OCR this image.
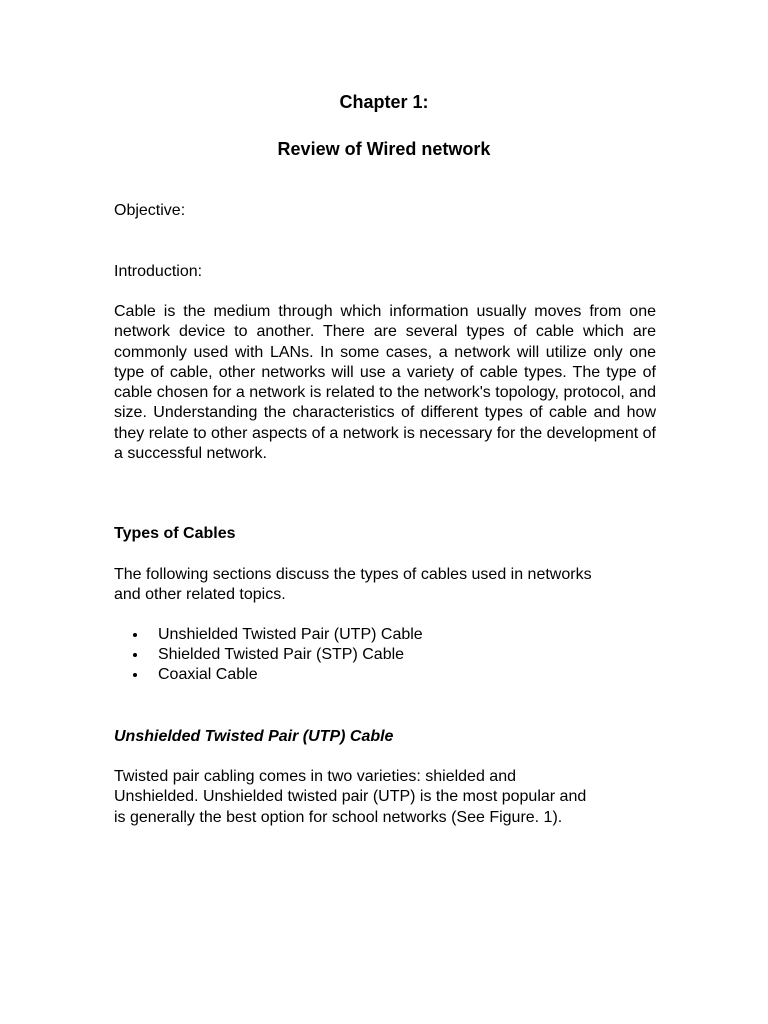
Chapter 1:
Review of Wired network
Objective:
Introduction:
Cable is the medium through which information usually moves from one network device to another. There are several types of cable which are commonly used with LANs. In some cases, a network will utilize only one type of cable, other networks will use a variety of cable types. The type of cable chosen for a network is related to the network's topology, protocol, and size. Understanding the characteristics of different types of cable and how they relate to other aspects of a network is necessary for the development of a successful network.
Types of Cables
The following sections discuss the types of cables used in networks
and other related topics.
Unshielded Twisted Pair (UTP) Cable
Shielded Twisted Pair (STP) Cable
Coaxial Cable
Unshielded Twisted Pair (UTP) Cable
Twisted pair cabling comes in two varieties: shielded and
Unshielded. Unshielded twisted pair (UTP) is the most popular and
is generally the best option for school networks (See Figure. 1).
